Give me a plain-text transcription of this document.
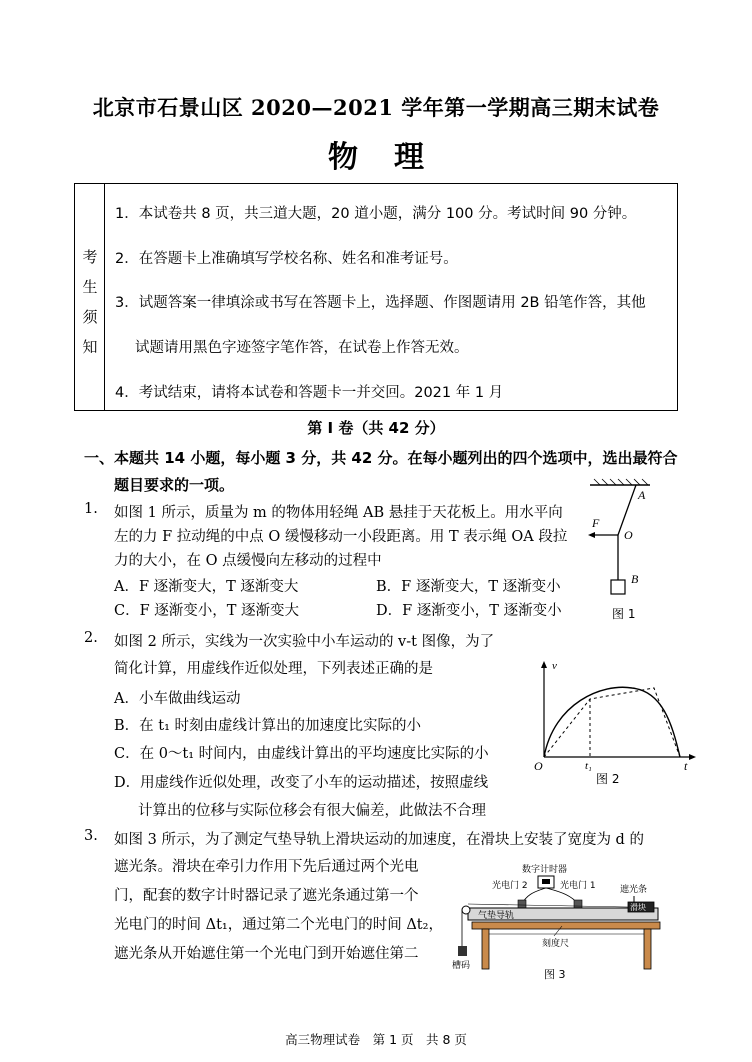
北京市石景山区 2020—2021 学年第一学期高三期末试卷
物理
考
生
须
知
1．本试卷共 8 页，共三道大题，20 道小题，满分 100 分。考试时间 90 分钟。
2．在答题卡上准确填写学校名称、姓名和准考证号。
3．试题答案一律填涂或书写在答题卡上，选择题、作图题请用 2B 铅笔作答，其他
试题请用黑色字迹签字笔作答，在试卷上作答无效。
4．考试结束，请将本试卷和答题卡一并交回。2021 年 1 月
第 Ⅰ 卷（共 42 分）
一、本题共 14 小题，每小题 3 分，共 42 分。在每小题列出的四个选项中，选出最符合
题目要求的一项。
1. 如图 1 所示，质量为 m 的物体用轻绳 AB 悬挂于天花板上。用水平向
左的力 F 拉动绳的中点 O 缓慢移动一小段距离。用 T 表示绳 OA 段拉
力的大小，在 O 点缓慢向左移动的过程中
A．F 逐渐变大，T 逐渐变大	B．F 逐渐变大，T 逐渐变小
C．F 逐渐变小，T 逐渐变大	D．F 逐渐变小，T 逐渐变小
A
F
O
B
图 1
2. 如图 2 所示，实线为一次实验中小车运动的 v-t 图像，为了
简化计算，用虚线作近似处理，下列表述正确的是
A．小车做曲线运动
B．在 t₁ 时刻由虚线计算出的加速度比实际的小
C．在 0～t₁ 时间内，由虚线计算出的平均速度比实际的小
D．用虚线作近似处理，改变了小车的运动描述，按照虚线
计算出的位移与实际位移会有很大偏差，此做法不合理
v
O	t₁	t
图 2
3. 如图 3 所示，为了测定气垫导轨上滑块运动的加速度，在滑块上安装了宽度为 d 的
遮光条。滑块在牵引力作用下先后通过两个光电
门，配套的数字计时器记录了遮光条通过第一个
光电门的时间 Δt₁，通过第二个光电门的时间 Δt₂，
遮光条从开始遮住第一个光电门到开始遮住第二
数字计时器
光电门 2	光电门 1	遮光条
气垫导轨
滑块
槽码
刻度尺
图 3
高三物理试卷　第 1 页　共 8 页
